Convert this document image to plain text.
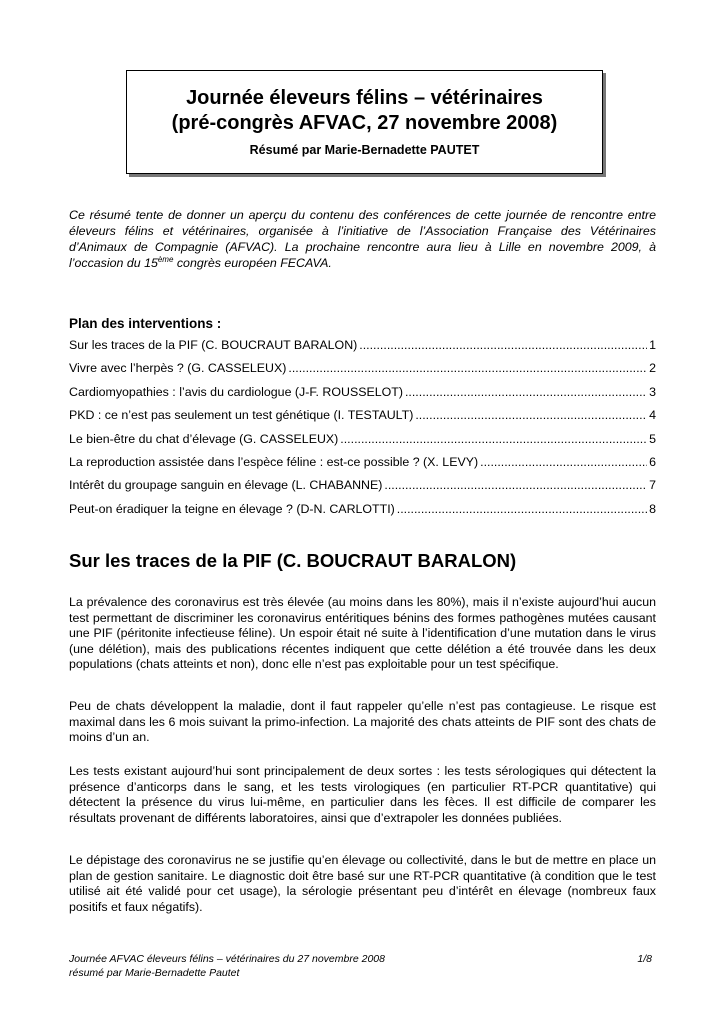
Journée éleveurs félins – vétérinaires
(pré-congrès AFVAC, 27 novembre 2008)
Résumé par Marie-Bernadette PAUTET
Ce résumé tente de donner un aperçu du contenu des conférences de cette journée de rencontre entre éleveurs félins et vétérinaires, organisée à l’initiative de l’Association Française des Vétérinaires d’Animaux de Compagnie (AFVAC). La prochaine rencontre aura lieu à Lille en novembre 2009, à l’occasion du 15ème congrès européen FECAVA.
Plan des interventions :
Sur les traces de la PIF (C. BOUCRAUT BARALON) .....	1
Vivre avec l’herpès ? (G. CASSELEUX) .....	2
Cardiomyopathies : l’avis du cardiologue (J-F. ROUSSELOT) .....	3
PKD : ce n’est pas seulement un test génétique (I. TESTAULT) .....	4
Le bien-être du chat d’élevage (G. CASSELEUX) .....	5
La reproduction assistée dans l’espèce féline : est-ce possible ? (X. LEVY) .....	6
Intérêt du groupage sanguin en élevage (L. CHABANNE) .....	7
Peut-on éradiquer la teigne en élevage ? (D-N. CARLOTTI) .....	8
Sur les traces de la PIF (C. BOUCRAUT BARALON)
La prévalence des coronavirus est très élevée (au moins dans les 80%), mais il n’existe aujourd’hui aucun test permettant de discriminer les coronavirus entéritiques bénins des formes pathogènes mutées causant une PIF (péritonite infectieuse féline). Un espoir était né suite à l’identification d’une mutation dans le virus (une délétion), mais des publications récentes indiquent que cette délétion a été trouvée dans les deux populations (chats atteints et non), donc elle n’est pas exploitable pour un test spécifique.
Peu de chats développent la maladie, dont il faut rappeler qu’elle n’est pas contagieuse. Le risque est maximal dans les 6 mois suivant la primo-infection. La majorité des chats atteints de PIF sont des chats de moins d’un an.
Les tests existant aujourd’hui sont principalement de deux sortes : les tests sérologiques qui détectent la présence d’anticorps dans le sang, et les tests virologiques (en particulier RT-PCR quantitative) qui détectent la présence du virus lui-même, en particulier dans les fèces. Il est difficile de comparer les résultats provenant de différents laboratoires, ainsi que d’extrapoler les données publiées.
Le dépistage des coronavirus ne se justifie qu’en élevage ou collectivité, dans le but de mettre en place un plan de gestion sanitaire. Le diagnostic doit être basé sur une RT-PCR quantitative (à condition que le test utilisé ait été validé pour cet usage), la sérologie présentant peu d’intérêt en élevage (nombreux faux positifs et faux négatifs).
Journée AFVAC éleveurs félins – vétérinaires du 27 novembre 2008
résumé par Marie-Bernadette Pautet
1/8
